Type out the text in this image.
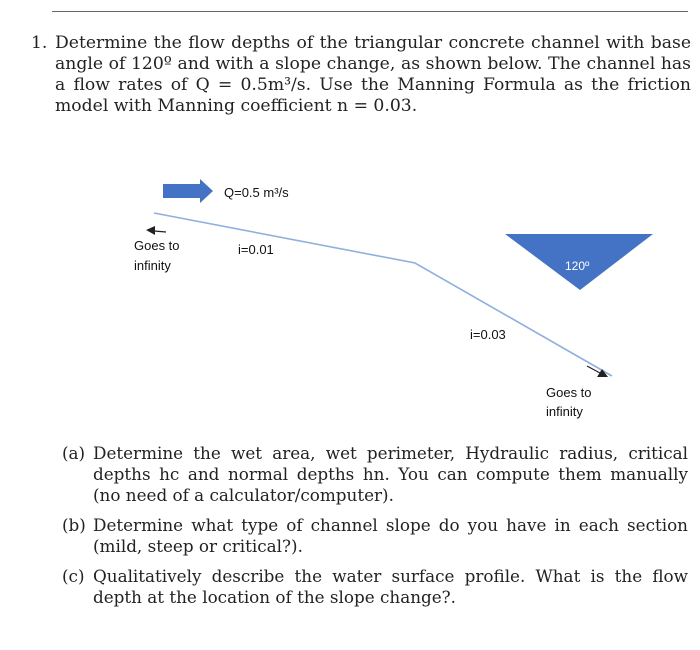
1. Determine the flow depths of the triangular concrete channel with base angle of 120º and with a slope change, as shown below. The channel has a flow rates of Q = 0.5m³/s. Use the Manning Formula as the friction model with Manning coefficient n = 0.03.
Q=0.5 m³/s
Goes to
infinity
i=0.01
i=0.03
120º
Goes to
infinity
(a) Determine the wet area, wet perimeter, Hydraulic radius, critical depths hc and normal depths hn. You can compute them manually (no need of a calculator/computer).
(b) Determine what type of channel slope do you have in each section (mild, steep or critical?).
(c) Qualitatively describe the water surface profile. What is the flow depth at the location of the slope change?.
